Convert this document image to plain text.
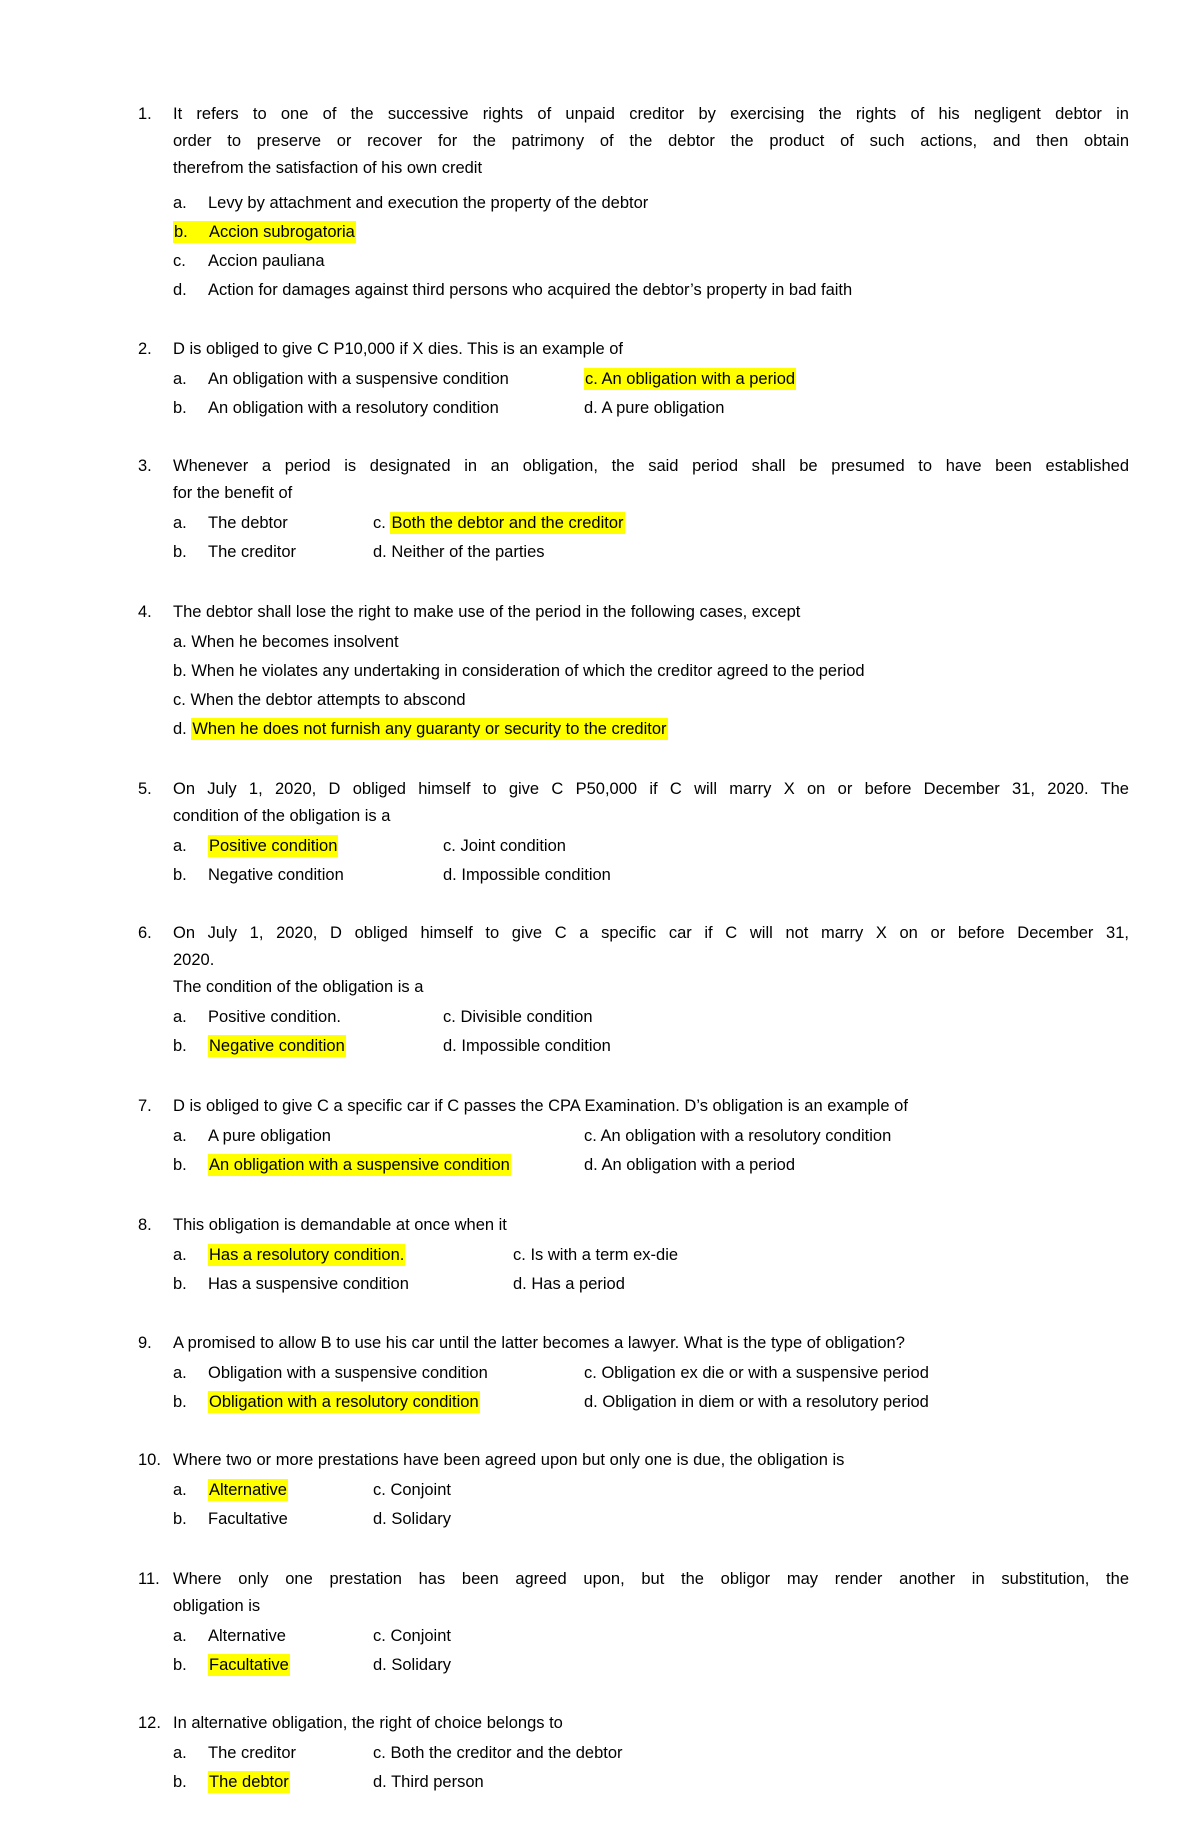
1. It refers to one of the successive rights of unpaid creditor by exercising the rights of his negligent debtor in
order to preserve or recover for the patrimony of the debtor the product of such actions, and then obtain
therefrom the satisfaction of his own credit
a. Levy by attachment and execution the property of the debtor
b. Accion subrogatoria
c. Accion pauliana
d. Action for damages against third persons who acquired the debtor’s property in bad faith
2. D is obliged to give C P10,000 if X dies. This is an example of
a. An obligation with a suspensive condition	c. An obligation with a period
b. An obligation with a resolutory condition	d. A pure obligation
3. Whenever a period is designated in an obligation, the said period shall be presumed to have been established
for the benefit of
a. The debtor	c. Both the debtor and the creditor
b. The creditor	d. Neither of the parties
4. The debtor shall lose the right to make use of the period in the following cases, except
a. When he becomes insolvent
b. When he violates any undertaking in consideration of which the creditor agreed to the period
c. When the debtor attempts to abscond
d. When he does not furnish any guaranty or security to the creditor
5. On July 1, 2020, D obliged himself to give C P50,000 if C will marry X on or before December 31, 2020. The
condition of the obligation is a
a. Positive condition	c. Joint condition
b. Negative condition	d. Impossible condition
6. On July 1, 2020, D obliged himself to give C a specific car if C will not marry X on or before December 31,
2020.
The condition of the obligation is a
a. Positive condition.	c. Divisible condition
b. Negative condition	d. Impossible condition
7. D is obliged to give C a specific car if C passes the CPA Examination. D’s obligation is an example of
a. A pure obligation	c. An obligation with a resolutory condition
b. An obligation with a suspensive condition	d. An obligation with a period
8. This obligation is demandable at once when it
a. Has a resolutory condition.	c. Is with a term ex-die
b. Has a suspensive condition	d. Has a period
9. A promised to allow B to use his car until the latter becomes a lawyer. What is the type of obligation?
a. Obligation with a suspensive condition	c. Obligation ex die or with a suspensive period
b. Obligation with a resolutory condition	d. Obligation in diem or with a resolutory period
10. Where two or more prestations have been agreed upon but only one is due, the obligation is
a. Alternative	c. Conjoint
b. Facultative	d. Solidary
11. Where only one prestation has been agreed upon, but the obligor may render another in substitution, the
obligation is
a. Alternative	c. Conjoint
b. Facultative	d. Solidary
12. In alternative obligation, the right of choice belongs to
a. The creditor	c. Both the creditor and the debtor
b. The debtor	d. Third person
